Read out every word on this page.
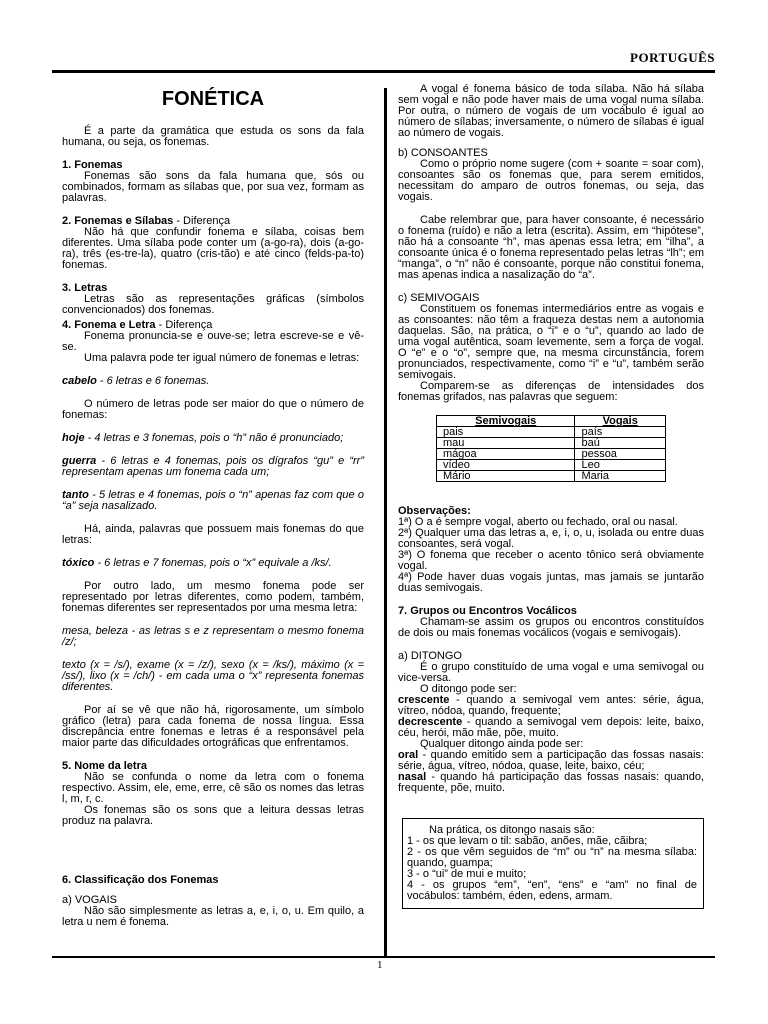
PORTUGUÊS
1
FONÉTICA

É a parte da gramática que estuda os sons da fala humana, ou seja, os fonemas.

1. Fonemas

Fonemas são sons da fala humana que, sós ou combinados, formam as sílabas que, por sua vez, formam as palavras.

2. Fonemas e Sílabas - Diferença

Não há que confundir fonema e sílaba, coisas bem diferentes. Uma sílaba pode conter um (a-go-ra), dois (a-go-ra), três (es-tre-la), quatro (cris-tão) e até cinco (felds-pa-to) fonemas.

3. Letras

Letras são as representações gráficas (símbolos convencionados) dos fonemas.

4. Fonema e Letra - Diferença

Fonema pronuncia-se e ouve-se; letra escreve-se e vê-se.

Uma palavra pode ter igual número de fonemas e letras:

cabelo - 6 letras e 6 fonemas.

O número de letras pode ser maior do que o número de fonemas:

hoje - 4 letras e 3 fonemas, pois o “h” não é pronunciado;

guerra - 6 letras e 4 fonemas, pois os dígrafos “gu” e “rr” representam apenas um fonema cada um;

tanto - 5 letras e 4 fonemas, pois o “n” apenas faz com que o “a” seja nasalizado.

Há, ainda, palavras que possuem mais fonemas do que letras:

tóxico - 6 letras e 7 fonemas, pois o “x” equivale a /ks/.

Por outro lado, um mesmo fonema pode ser representado por letras diferentes, como podem, também, fonemas diferentes ser representados por uma mesma letra:

mesa, beleza - as letras s e z representam o mesmo fonema /z/;

texto (x = /s/), exame (x = /z/), sexo (x = /ks/), máximo (x = /ss/), lixo (x = /ch/) - em cada uma o “x” representa fonemas diferentes.

Por aí se vê que não há, rigorosamente, um símbolo gráfico (letra) para cada fonema de nossa língua. Essa discrepância entre fonemas e letras é a responsável pela maior parte das dificuldades ortográficas que enfrentamos.

5. Nome da letra

Não se confunda o nome da letra com o fonema respectivo. Assim, ele, eme, erre, cê são os nomes das letras l, m, r, c.

Os fonemas são os sons que a leitura dessas letras produz na palavra.

6. Classificação dos Fonemas

a) VOGAIS

Não são simplesmente as letras a, e, i, o, u. Em quilo, a letra u nem é fonema.

A vogal é fonema básico de toda sílaba. Não há sílaba sem vogal e não pode haver mais de uma vogal numa sílaba. Por outra, o número de vogais de um vocábulo é igual ao número de sílabas; inversamente, o número de sílabas é igual ao número de vogais.

b) CONSOANTES

Como o próprio nome sugere (com + soante = soar com), consoantes são os fonemas que, para serem emitidos, necessitam do amparo de outros fonemas, ou seja, das vogais.

Cabe relembrar que, para haver consoante, é necessário o fonema (ruído) e não a letra (escrita). Assim, em “hipótese”, não há a consoante “h”, mas apenas essa letra; em “ilha”, a consoante única é o fonema representado pelas letras “lh”; em “manga”, o “n” não é consoante, porque não constitui fonema, mas apenas indica a nasalização do “a”.

c) SEMIVOGAIS

Constituem os fonemas intermediários entre as vogais e as consoantes: não têm a fraqueza destas nem a autonomia daquelas. São, na prática, o “i” e o “u”, quando ao lado de uma vogal autêntica, soam levemente, sem a força de vogal. O “e” e o “o”, sempre que, na mesma circunstância, forem pronunciados, respectivamente, como “i” e “u”, também serão semivogais.

Comparem-se as diferenças de intensidades dos fonemas grifados, nas palavras que seguem:

Semivogais	Vogais
pais	país
mau	baú
mágoa	pessoa
vídeo	Leo
Mário	Maria

Observações:

1ª) O a é sempre vogal, aberto ou fechado, oral ou nasal.

2ª) Qualquer uma das letras a, e, i, o, u, isolada ou entre duas consoantes, será vogal.

3ª) O fonema que receber o acento tônico será obviamente vogal.

4ª) Pode haver duas vogais juntas, mas jamais se juntarão duas semivogais.

7. Grupos ou Encontros Vocálicos

Chamam-se assim os grupos ou encontros constituídos de dois ou mais fonemas vocálicos (vogais e semivogais).

a) DITONGO

É o grupo constituído de uma vogal e uma semivogal ou vice-versa.

O ditongo pode ser:

crescente - quando a semivogal vem antes: série, água, vítreo, nódoa, quando, frequente;

decrescente - quando a semivogal vem depois: leite, baixo, céu, herói, mão mãe, põe, muito.

Qualquer ditongo ainda pode ser:

oral - quando emitido sem a participação das fossas nasais: série, água, vítreo, nódoa, quase, leite, baixo, céu;

nasal - quando há participação das fossas nasais: quando, frequente, põe, muito.

Na prática, os ditongo nasais são:

1 - os que levam o til: sabão, anões, mãe, cãibra;

2 - os que vêm seguidos de “m” ou “n” na mesma sílaba: quando, guampa;

3 - o “ui” de mui e muito;

4 - os grupos “em”, “en”, “ens” e “am” no final de vocábulos: também, éden, edens, armam.
